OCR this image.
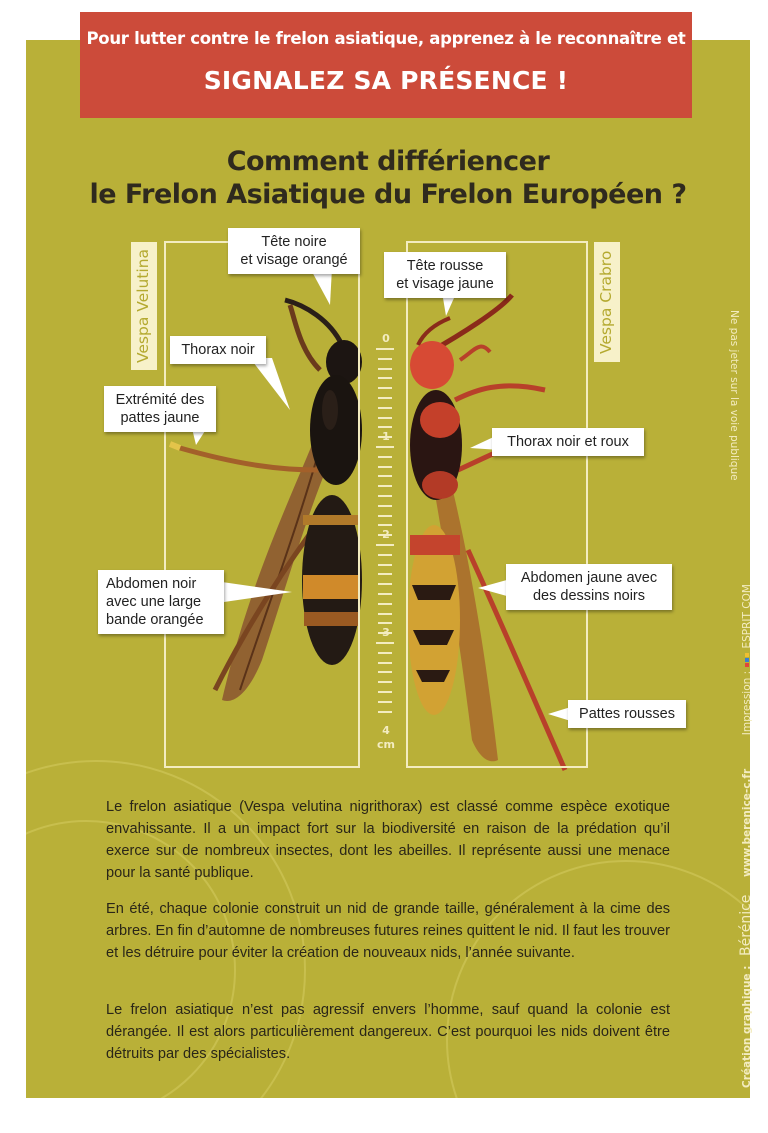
Pour lutter contre le frelon asiatique, apprenez à le reconnaître et
SIGNALEZ SA PRÉSENCE !
Comment différiencer
le Frelon Asiatique du Frelon Européen ?
Vespa Velutina	Vespa Crabro
0
4
cm
Tête noire
et visage orangé
Thorax noir
Extrémité des
pattes jaune
Abdomen noir
avec une large
bande orangée
Tête rousse
et visage jaune
Thorax noir et roux
Abdomen jaune avec
des dessins noirs
Pattes rousses

Le frelon asiatique (Vespa velutina nigrithorax) est classé comme espèce exotique envahissante. Il a un impact fort sur la biodiversité en raison de la prédation qu’il exerce sur de nombreux insectes, dont les abeilles. Il représente aussi une menace pour la santé publique.

En été, chaque colonie construit un nid de grande taille, généralement à la cime des arbres. En fin d’automne de nombreuses futures reines quittent le nid. Il faut les trouver et les détruire pour éviter la création de nouveaux nids, l’année suivante.

Le frelon asiatique n’est pas agressif envers l’homme, sauf quand la colonie est dérangée. Il est alors particulièrement dangereux. C’est pourquoi les nids doivent être détruits par des spécialistes.	Création graphique : Bérénice www.berenice-c.fr Impression :  ESPRIT COM
Ne pas jeter sur la voie publique
